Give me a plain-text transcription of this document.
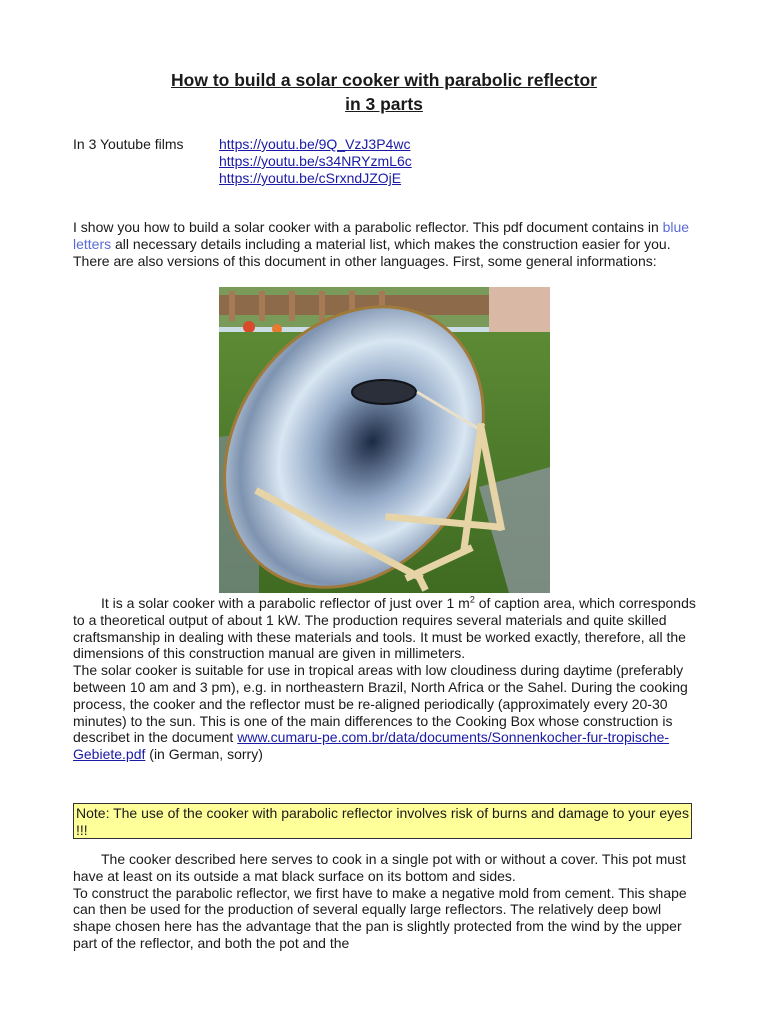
How to build a solar cooker with parabolic reflector
in 3 parts
In 3 Youtube films	https://youtu.be/9Q_VzJ3P4wc
https://youtu.be/s34NRYzmL6c
https://youtu.be/cSrxndJZOjE

I show you how to build a solar cooker with a parabolic reflector. This pdf document contains in blue letters all necessary details including a material list, which makes the construction easier for you. There are also versions of this document in other languages. First, some general informations:

It is a solar cooker with a parabolic reflector of just over 1 $m^2$ of caption area, which corresponds to a theoretical output of about 1 kW. The production requires several materials and quite skilled craftsmanship in dealing with these materials and tools. It must be worked exactly, therefore, all the dimensions of this construction manual are given in millimeters.
The solar cooker is suitable for use in tropical areas with low cloudiness during daytime (preferably between 10 am and 3 pm), e.g. in northeastern Brazil, North Africa or the Sahel. During the cooking process, the cooker and the reflector must be re-aligned periodically (approximately every 20-30 minutes) to the sun. This is one of the main differences to the Cooking Box whose construction is describet in the document www.cumaru-pe.com.br/data/documents/Sonnenkocher-fur-tropische-Gebiete.pdf (in German, sorry)

Note: The use of the cooker with parabolic reflector involves risk of burns and damage to your eyes !!!

The cooker described here serves to cook in a single pot with or without a cover. This pot must have at least on its outside a mat black surface on its bottom and sides.
To construct the parabolic reflector, we first have to make a negative mold from cement. This shape can then be used for the production of several equally large reflectors. The relatively deep bowl shape chosen here has the advantage that the pan is slightly protected from the wind by the upper part of the reflector, and both the pot and the
